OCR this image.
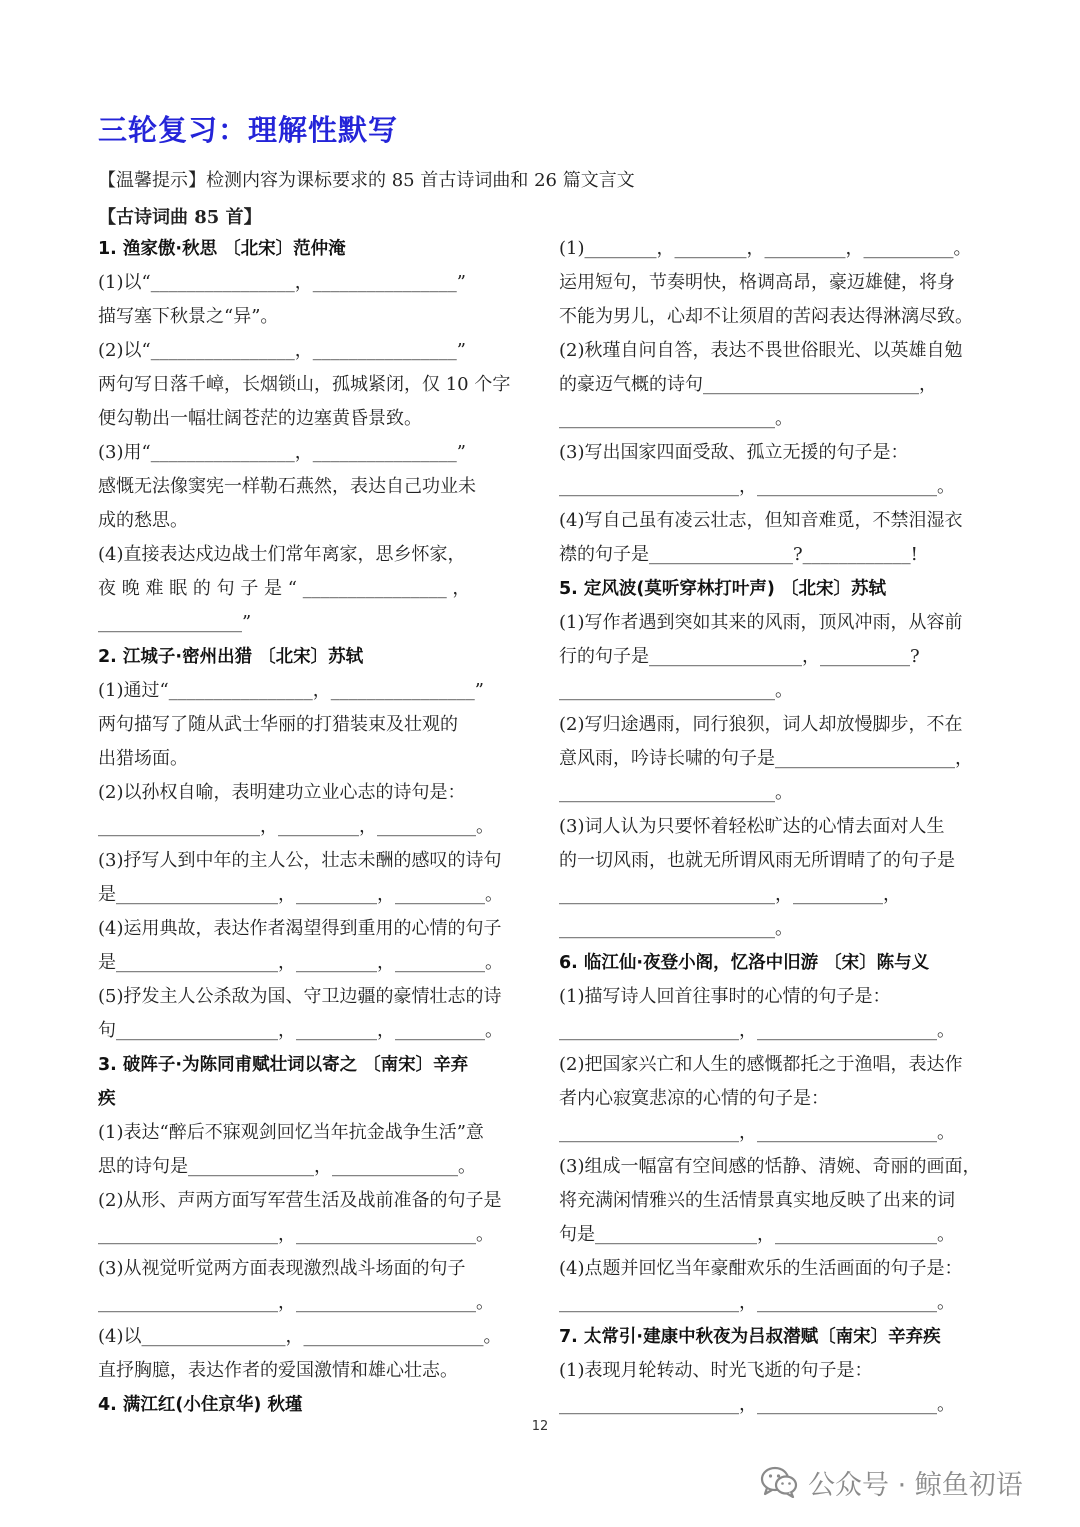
三轮复习：理解性默写
【温馨提示】检测内容为课标要求的 85 首古诗词曲和 26 篇文言文
【古诗词曲 85 首】
1. 渔家傲·秋思 〔北宋〕范仲淹
(1)以“________________，________________”
描写塞下秋景之“异”。
(2)以“________________，________________”
两句写日落千嶂，长烟锁山，孤城紧闭，仅 10 个字
便勾勒出一幅壮阔苍茫的边塞黄昏景致。
(3)用“________________，________________”
感慨无法像窦宪一样勒石燕然，表达自己功业未
成的愁思。
(4)直接表达戍边战士们常年离家，思乡怀家，
夜 晚 难 眠 的 句 子 是 “ ________________ ，
________________”
2. 江城子·密州出猎 〔北宋〕苏轼
(1)通过“________________，________________”
两句描写了随从武士华丽的打猎装束及壮观的
出猎场面。
(2)以孙权自喻，表明建功立业心志的诗句是：
__________________，_________，___________。
(3)抒写人到中年的主人公，壮志未酬的感叹的诗句
是__________________，_________，__________。
(4)运用典故，表达作者渴望得到重用的心情的句子
是__________________，_________，__________。
(5)抒发主人公杀敌为国、守卫边疆的豪情壮志的诗
句__________________，_________，__________。
3. 破阵子·为陈同甫赋壮词以寄之 〔南宋〕辛弃
疾
(1)表达“醉后不寐观剑回忆当年抗金战争生活”意
思的诗句是______________，______________。
(2)从形、声两方面写军营生活及战前准备的句子是
____________________，____________________。
(3)从视觉听觉两方面表现激烈战斗场面的句子
____________________，____________________。
(4)以________________，____________________。
直抒胸臆，表达作者的爱国激情和雄心壮志。
4. 满江红(小住京华) 秋瑾
(1)________，________，_________，__________。
运用短句，节奏明快，格调高昂，豪迈雄健，将身
不能为男儿，心却不让须眉的苦闷表达得淋漓尽致。
(2)秋瑾自问自答，表达不畏世俗眼光、以英雄自勉
的豪迈气概的诗句________________________，
________________________。
(3)写出国家四面受敌、孤立无援的句子是：
____________________，____________________。
(4)写自己虽有凌云壮志，但知音难觅，不禁泪湿衣
襟的句子是________________?____________!
5. 定风波(莫听穿林打叶声) 〔北宋〕苏轼
(1)写作者遇到突如其来的风雨，顶风冲雨，从容前
行的句子是_________________，__________?
________________________。
(2)写归途遇雨，同行狼狈，词人却放慢脚步，不在
意风雨，吟诗长啸的句子是____________________，
________________________。
(3)词人认为只要怀着轻松旷达的心情去面对人生
的一切风雨，也就无所谓风雨无所谓晴了的句子是
________________________，__________，
________________________。
6. 临江仙·夜登小阁，忆洛中旧游 〔宋〕陈与义
(1)描写诗人回首往事时的心情的句子是：
____________________，____________________。
(2)把国家兴亡和人生的感慨都托之于渔唱，表达作
者内心寂寞悲凉的心情的句子是：
____________________，____________________。
(3)组成一幅富有空间感的恬静、清婉、奇丽的画面，
将充满闲情雅兴的生活情景真实地反映了出来的词
句是__________________，__________________。
(4)点题并回忆当年豪酣欢乐的生活画面的句子是：
____________________，____________________。
7. 太常引·建康中秋夜为吕叔潜赋〔南宋〕辛弃疾
(1)表现月轮转动、时光飞逝的句子是：
____________________，____________________。
12
公众号 · 鲸鱼初语
